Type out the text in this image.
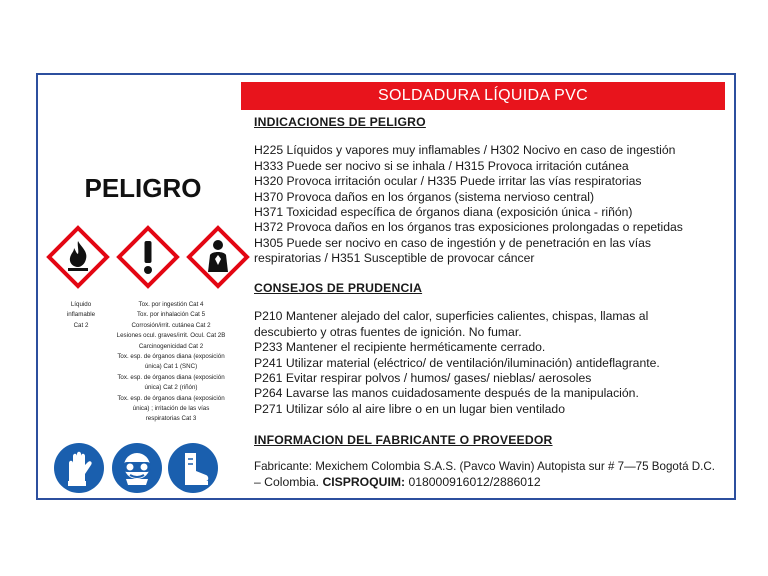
SOLDADURA LÍQUIDA PVC
PELIGRO
Líquido
inflamable
Cat 2
Tox. por ingestión Cat 4
Tox. por inhalación Cat 5
Corrosión/irrit. cutánea Cat 2
Lesiones ocul. graves/irrit. Ocul. Cat 2B
Carcinogenicidad Cat 2
Tox. esp. de órganos diana (exposición
única) Cat 1 (SNC)
Tox. esp. de órganos diana (exposición
única) Cat 2 (riñón)
Tox. esp. de órganos diana (exposición
única) ; irritación de las vías
respiratorias Cat 3
INDICACIONES DE PELIGRO
H225 Líquidos y vapores muy inflamables / H302 Nocivo en caso de ingestión
H333 Puede ser nocivo si se inhala / H315 Provoca irritación cutánea
H320 Provoca irritación ocular / H335 Puede irritar las vías respiratorias
H370 Provoca daños en los órganos (sistema nervioso central)
H371 Toxicidad específica de órganos diana (exposición única - riñón)
H372 Provoca daños en los órganos tras exposiciones prolongadas o repetidas
H305 Puede ser nocivo en caso de ingestión y de penetración en las vías
respiratorias / H351 Susceptible de provocar cáncer
CONSEJOS DE PRUDENCIA
P210 Mantener alejado del calor, superficies calientes, chispas, llamas al
descubierto y otras fuentes de ignición. No fumar.
P233 Mantener el recipiente herméticamente cerrado.
P241 Utilizar material (eléctrico/ de ventilación/iluminación) antideflagrante.
P261 Evitar respirar polvos / humos/ gases/ nieblas/ aerosoles
P264 Lavarse las manos cuidadosamente después de la manipulación.
P271 Utilizar sólo al aire libre o en un lugar bien ventilado
INFORMACION DEL FABRICANTE O PROVEEDOR
Fabricante: Mexichem Colombia S.A.S. (Pavco Wavin) Autopista sur # 7—75 Bogotá D.C.
– Colombia. CISPROQUIM: 018000916012/2886012
